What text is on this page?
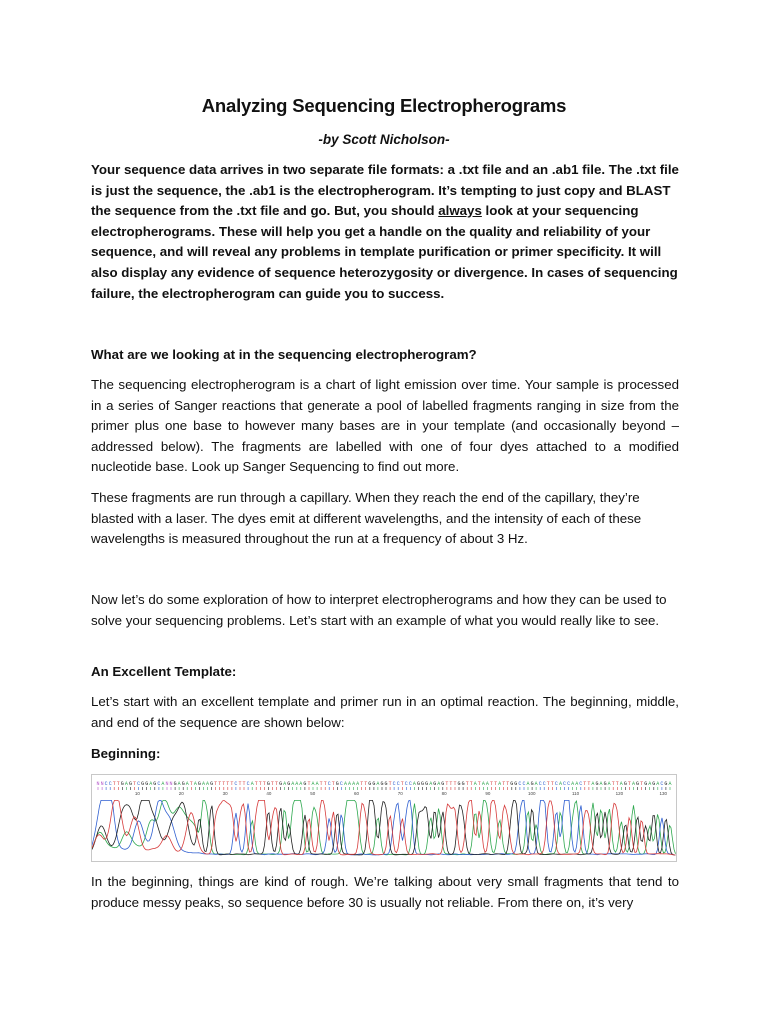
Analyzing Sequencing Electropherograms
-by Scott Nicholson-

Your sequence data arrives in two separate file formats: a .txt file and an .ab1 file. The .txt file is just the sequence, the .ab1 is the electropherogram. It’s tempting to just copy and BLAST the sequence from the .txt file and go. But, you should always look at your sequencing electropherograms. These will help you get a handle on the quality and reliability of your sequence, and will reveal any problems in template purification or primer specificity. It will also display any evidence of sequence heterozygosity or divergence. In cases of sequencing failure, the electropherogram can guide you to success.

What are we looking at in the sequencing electropherogram?

The sequencing electropherogram is a chart of light emission over time. Your sample is processed in a series of Sanger reactions that generate a pool of labelled fragments ranging in size from the primer plus one base to however many bases are in your template (and occasionally beyond – addressed below). The fragments are labelled with one of four dyes attached to a modified nucleotide base. Look up Sanger Sequencing to find out more.

These fragments are run through a capillary. When they reach the end of the capillary, they’re blasted with a laser. The dyes emit at different wavelengths, and the intensity of each of these wavelengths is measured throughout the run at a frequency of about 3 Hz.

Now let’s do some exploration of how to interpret electropherograms and how they can be used to solve your sequencing problems. Let’s start with an example of what you would really like to see.

An Excellent Template:

Let’s start with an excellent template and primer run in an optimal reaction. The beginning, middle, and end of the sequence are shown below:

Beginning:

N N C C T T G A G T C G G A G C A N N G A G A T A G A A G T T T T T C T T C A T T T G T T G A G A A A G T A A T T C T G C A A A A T T G G A G G T C C T C C A G G G A G A G T T T G G T T A T A A T T A T T G G C C A G A C C T T C A C C A A C T T A G A G A T T A G T A G T G A G A C G A
10	20	30	40	50	60	70	80	90	100	110	120	130

In the beginning, things are kind of rough. We’re talking about very small fragments that tend to produce messy peaks, so sequence before 30 is usually not reliable. From there on, it’s very
